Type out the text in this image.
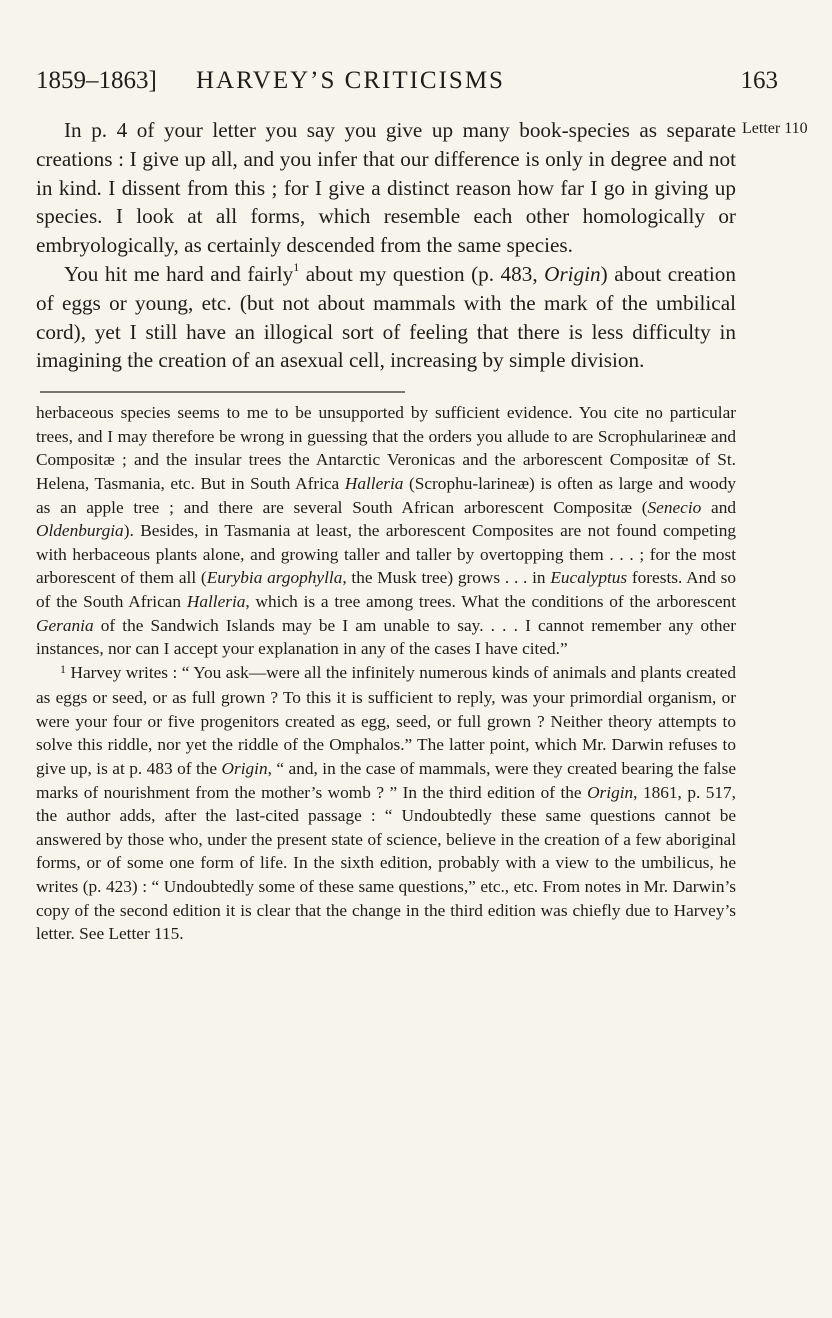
1859–1863] HARVEY’S CRITICISMS	163
Letter 110

In p. 4 of your letter you say you give up many book-species as separate creations : I give up all, and you infer that our difference is only in degree and not in kind. I dissent from this ; for I give a distinct reason how far I go in giving up species. I look at all forms, which resemble each other homologically or embryologically, as certainly descended from the same species.

You hit me hard and fairly$^1$ about my question (p. 483, Origin) about creation of eggs or young, etc. (but not about mammals with the mark of the umbilical cord), yet I still have an illogical sort of feeling that there is less difficulty in imagining the creation of an asexual cell, increasing by simple division.

herbaceous species seems to me to be unsupported by sufficient evidence. You cite no particular trees, and I may therefore be wrong in guessing that the orders you allude to are Scrophularineæ and Compositæ ; and the insular trees the Antarctic Veronicas and the arborescent Compositæ of St. Helena, Tasmania, etc. But in South Africa Halleria (Scrophu-larineæ) is often as large and woody as an apple tree ; and there are several South African arborescent Compositæ (Senecio and Oldenburgia). Besides, in Tasmania at least, the arborescent Composites are not found competing with herbaceous plants alone, and growing taller and taller by overtopping them . . . ; for the most arborescent of them all (Eurybia argophylla, the Musk tree) grows . . . in Eucalyptus forests. And so of the South African Halleria, which is a tree among trees. What the conditions of the arborescent Gerania of the Sandwich Islands may be I am unable to say. . . . I cannot remember any other instances, nor can I accept your explanation in any of the cases I have cited.”

$^1$ Harvey writes : “ You ask—were all the infinitely numerous kinds of animals and plants created as eggs or seed, or as full grown ? To this it is sufficient to reply, was your primordial organism, or were your four or five progenitors created as egg, seed, or full grown ? Neither theory attempts to solve this riddle, nor yet the riddle of the Omphalos.” The latter point, which Mr. Darwin refuses to give up, is at p. 483 of the Origin, “ and, in the case of mammals, were they created bearing the false marks of nourishment from the mother’s womb ? ” In the third edition of the Origin, 1861, p. 517, the author adds, after the last-cited passage : “ Undoubtedly these same questions cannot be answered by those who, under the present state of science, believe in the creation of a few aboriginal forms, or of some one form of life. In the sixth edition, probably with a view to the umbilicus, he writes (p. 423) : “ Undoubtedly some of these same questions,” etc., etc. From notes in Mr. Darwin’s copy of the second edition it is clear that the change in the third edition was chiefly due to Harvey’s letter. See Letter 115.
